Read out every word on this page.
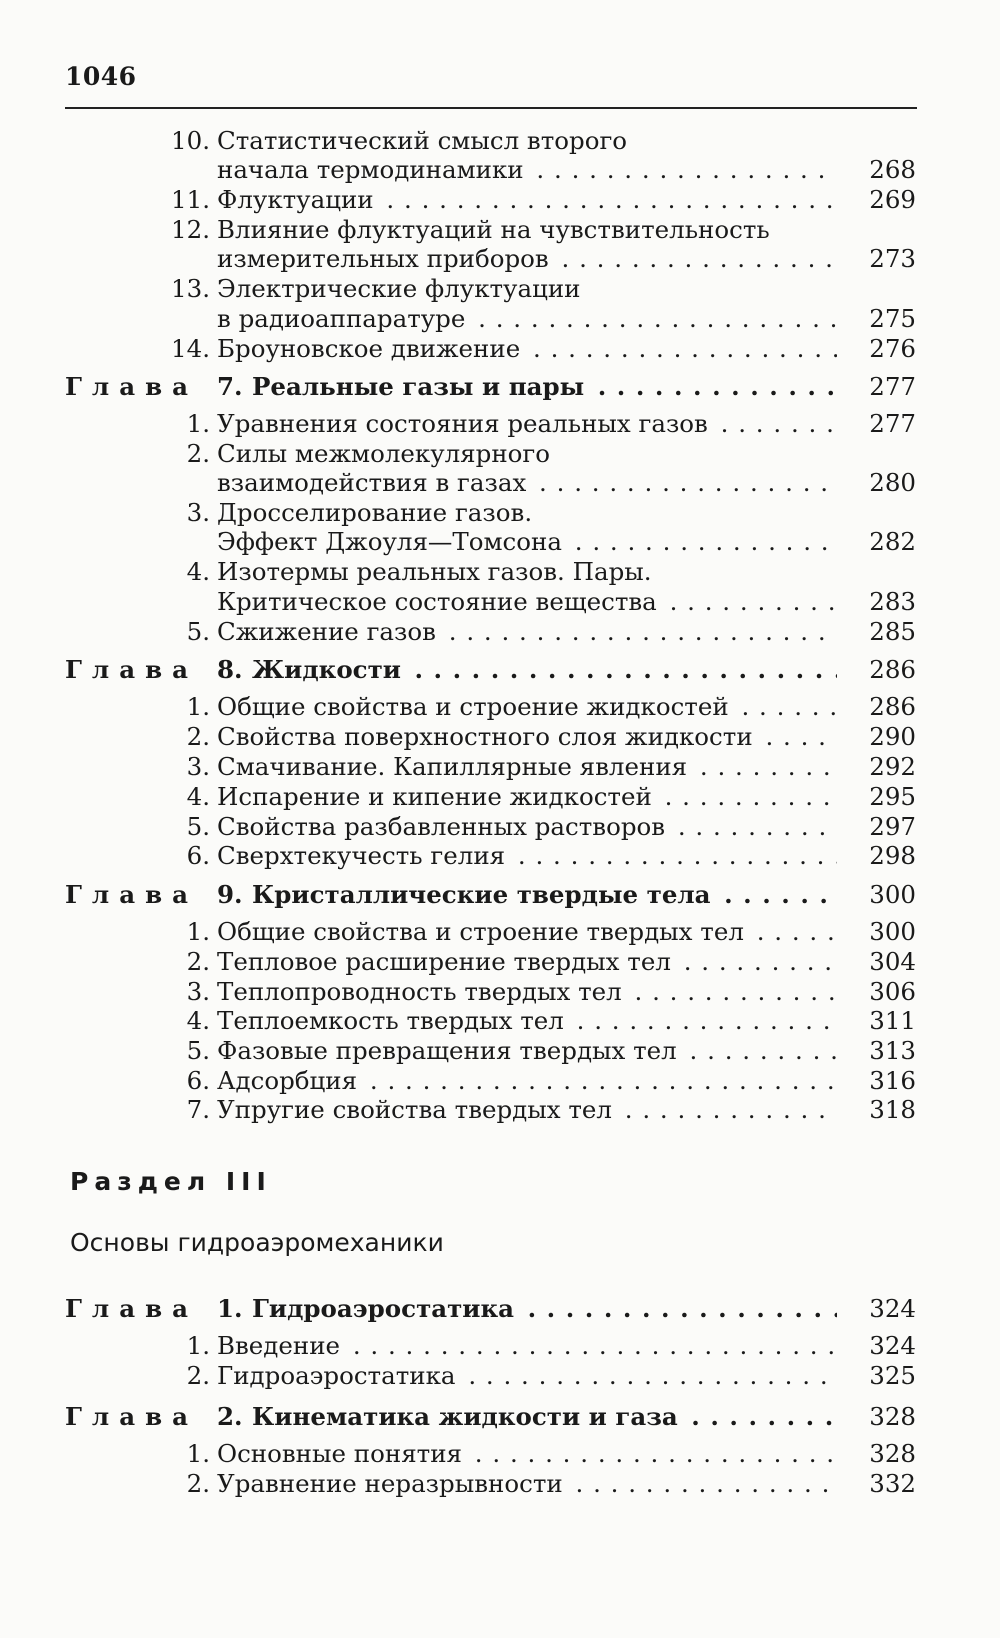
1046
10. Статистический смысл второго
начала термодинамики . . .	268
11. Флуктуации . . .	269
12. Влияние флуктуаций на чувствительность
измерительных приборов . . .	273
13. Электрические флуктуации
в радиоаппаратуре . . .	275
14. Броуновское движение . . .	276
Глава 7. Реальные газы и пары . . .	277
1. Уравнения состояния реальных газов . . .	277
2. Силы межмолекулярного
взаимодействия в газах . . .	280
3. Дросселирование газов.
Эффект Джоуля—Томсона . . .	282
4. Изотермы реальных газов. Пары.
Критическое состояние вещества . . .	283
5. Сжижение газов . . .	285
Глава 8. Жидкости . . .	286
1. Общие свойства и строение жидкостей . . .	286
2. Свойства поверхностного слоя жидкости . . .	290
3. Смачивание. Капиллярные явления . . .	292
4. Испарение и кипение жидкостей . . .	295
5. Свойства разбавленных растворов . . .	297
6. Сверхтекучесть гелия . . .	298
Глава 9. Кристаллические твердые тела . . .	300
1. Общие свойства и строение твердых тел . . .	300
2. Тепловое расширение твердых тел . . .	304
3. Теплопроводность твердых тел . . .	306
4. Теплоемкость твердых тел . . .	311
5. Фазовые превращения твердых тел . . .	313
6. Адсорбция . . .	316
7. Упругие свойства твердых тел . . .	318
Глава 1. Гидроаэростатика . . .	324
1. Введение . . .	324
2. Гидроаэростатика . . .	325
Глава 2. Кинематика жидкости и газа . . .	328
1. Основные понятия . . .	328
2. Уравнение неразрывности . . .	332
Раздел III
Основы гидроаэромеханики
